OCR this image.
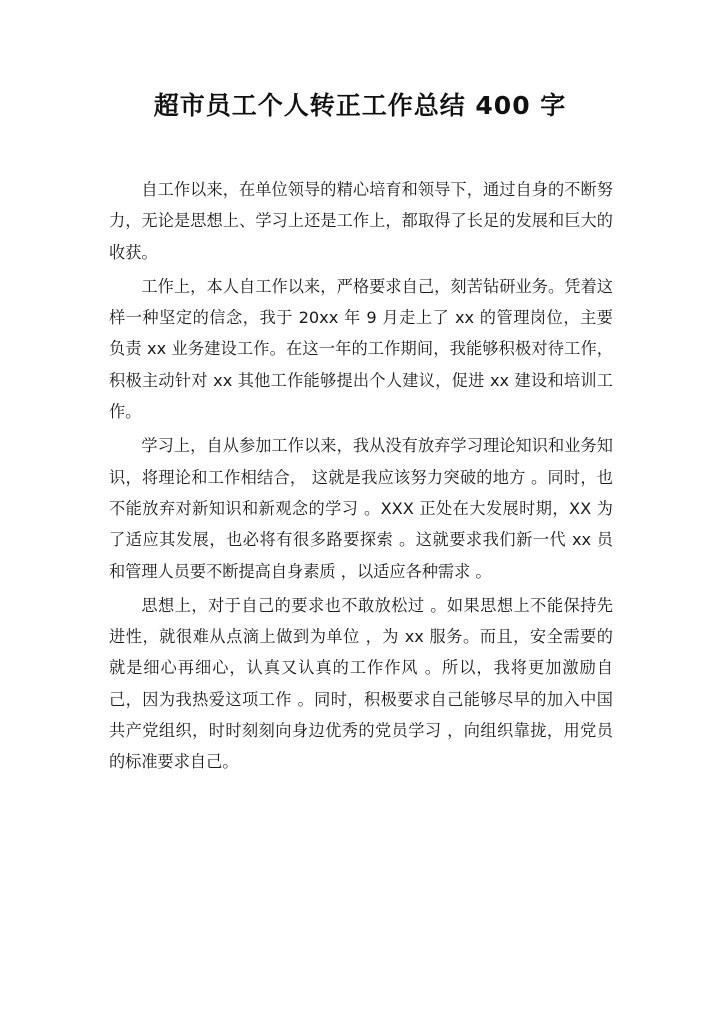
超市员工个人转正工作总结 400 字

自工作以来，在单位领导的精心培育和领导下，通过自身的不断努力，无论是思想上、学习上还是工作上，都取得了长足的发展和巨大的收获。

工作上，本人自工作以来，严格要求自己，刻苦钻研业务。凭着这样一种坚定的信念，我于 20xx 年 9 月走上了 xx 的管理岗位，主要负责 xx 业务建设工作。在这一年的工作期间，我能够积极对待工作，积极主动针对 xx 其他工作能够提出个人建议，促进 xx 建设和培训工作。

学习上，自从参加工作以来，我从没有放弃学习理论知识和业务知识，将理论和工作相结合， 这就是我应该努力突破的地方 。同时，也不能放弃对新知识和新观念的学习 。XXX 正处在大发展时期，XX 为了适应其发展，也必将有很多路要探索 。这就要求我们新一代 xx 员和管理人员要不断提高自身素质 ，以适应各种需求 。

思想上，对于自己的要求也不敢放松过 。如果思想上不能保持先进性，就很难从点滴上做到为单位 ，为 xx 服务。而且，安全需要的就是细心再细心，认真又认真的工作作风 。所以，我将更加激励自己，因为我热爱这项工作 。同时，积极要求自己能够尽早的加入中国共产党组织，时时刻刻向身边优秀的党员学习 ，向组织靠拢，用党员的标准要求自己。
